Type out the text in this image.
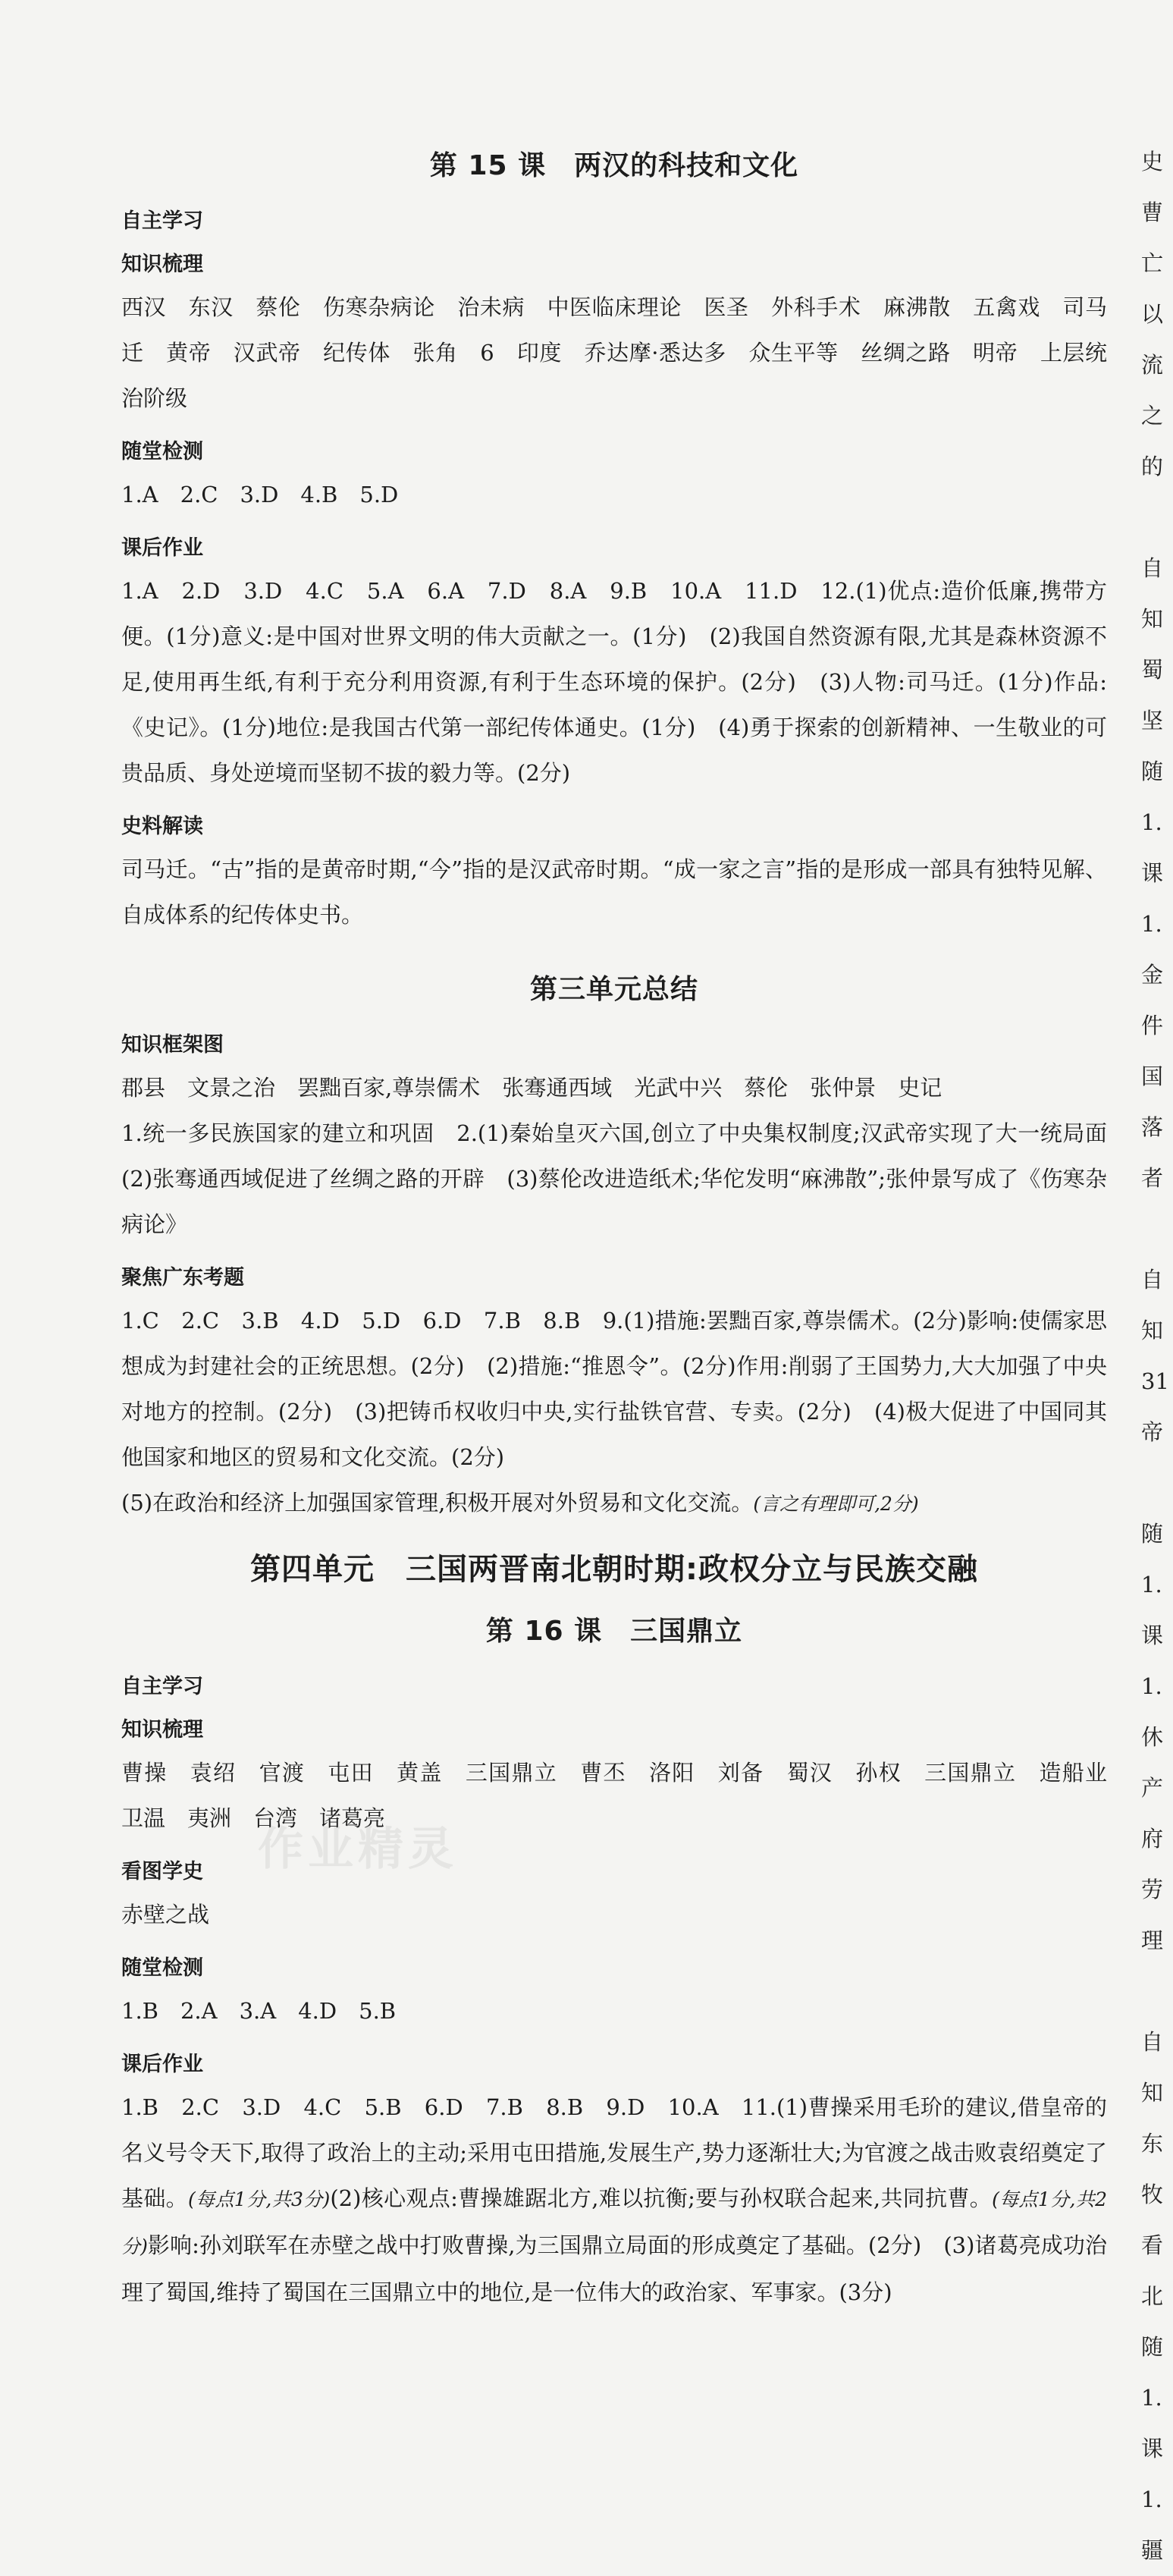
第 15 课　两汉的科技和文化
自主学习
知识梳理

西汉　东汉　蔡伦　伤寒杂病论　治未病　中医临床理论　医圣　外科手术　麻沸散　五禽戏　司马迁　黄帝　汉武帝　纪传体　张角　6　印度　乔达摩·悉达多　众生平等　丝绸之路　明帝　上层统治阶级

随堂检测

1.A　2.C　3.D　4.B　5.D

课后作业

1.A　2.D　3.D　4.C　5.A　6.A　7.D　8.A　9.B　10.A　11.D　12.(1)优点:造价低廉,携带方便。(1分)意义:是中国对世界文明的伟大贡献之一。(1分)　(2)我国自然资源有限,尤其是森林资源不足,使用再生纸,有利于充分利用资源,有利于生态环境的保护。(2分)　(3)人物:司马迁。(1分)作品:《史记》。(1分)地位:是我国古代第一部纪传体通史。(1分)　(4)勇于探索的创新精神、一生敬业的可贵品质、身处逆境而坚韧不拔的毅力等。(2分)

史料解读

司马迁。“古”指的是黄帝时期,“今”指的是汉武帝时期。“成一家之言”指的是形成一部具有独特见解、自成体系的纪传体史书。

第三单元总结
知识框架图

郡县　文景之治　罢黜百家,尊崇儒术　张骞通西域　光武中兴　蔡伦　张仲景　史记

1.统一多民族国家的建立和巩固　2.(1)秦始皇灭六国,创立了中央集权制度;汉武帝实现了大一统局面　(2)张骞通西域促进了丝绸之路的开辟　(3)蔡伦改进造纸术;华佗发明“麻沸散”;张仲景写成了《伤寒杂病论》

聚焦广东考题

1.C　2.C　3.B　4.D　5.D　6.D　7.B　8.B　9.(1)措施:罢黜百家,尊崇儒术。(2分)影响:使儒家思想成为封建社会的正统思想。(2分)　(2)措施:“推恩令”。(2分)作用:削弱了王国势力,大大加强了中央对地方的控制。(2分)　(3)把铸币权收归中央,实行盐铁官营、专卖。(2分)　(4)极大促进了中国同其他国家和地区的贸易和文化交流。(2分)

(5)在政治和经济上加强国家管理,积极开展对外贸易和文化交流。(言之有理即可,2分)

第四单元　三国两晋南北朝时期:政权分立与民族交融
第 16 课　三国鼎立
自主学习
知识梳理

曹操　袁绍　官渡　屯田　黄盖　三国鼎立　曹丕　洛阳　刘备　蜀汉　孙权　三国鼎立　造船业　卫温　夷洲　台湾　诸葛亮

看图学史

赤壁之战

随堂检测

1.B　2.A　3.A　4.D　5.B

课后作业

1.B　2.C　3.D　4.C　5.B　6.D　7.B　8.B　9.D　10.A　11.(1)曹操采用毛玠的建议,借皇帝的名义号令天下,取得了政治上的主动;采用屯田措施,发展生产,势力逐渐壮大;为官渡之战击败袁绍奠定了基础。(每点1分,共3分)(2)核心观点:曹操雄踞北方,难以抗衡;要与孙权联合起来,共同抗曹。(每点1分,共2分)影响:孙刘联军在赤壁之战中打败曹操,为三国鼎立局面的形成奠定了基础。(2分)　(3)诸葛亮成功治理了蜀国,维持了蜀国在三国鼎立中的地位,是一位伟大的政治家、军事家。(3分)

史
曹
亡
以
流
之
的

自
知
蜀
坚
随
1.
课
1.
金
件
国
落
者

自
知
31
帝

随
1.
课
1.
休
产
府
劳
理

自
知
东
牧
看
北
随
1.
课
1.
疆
作业精灵
